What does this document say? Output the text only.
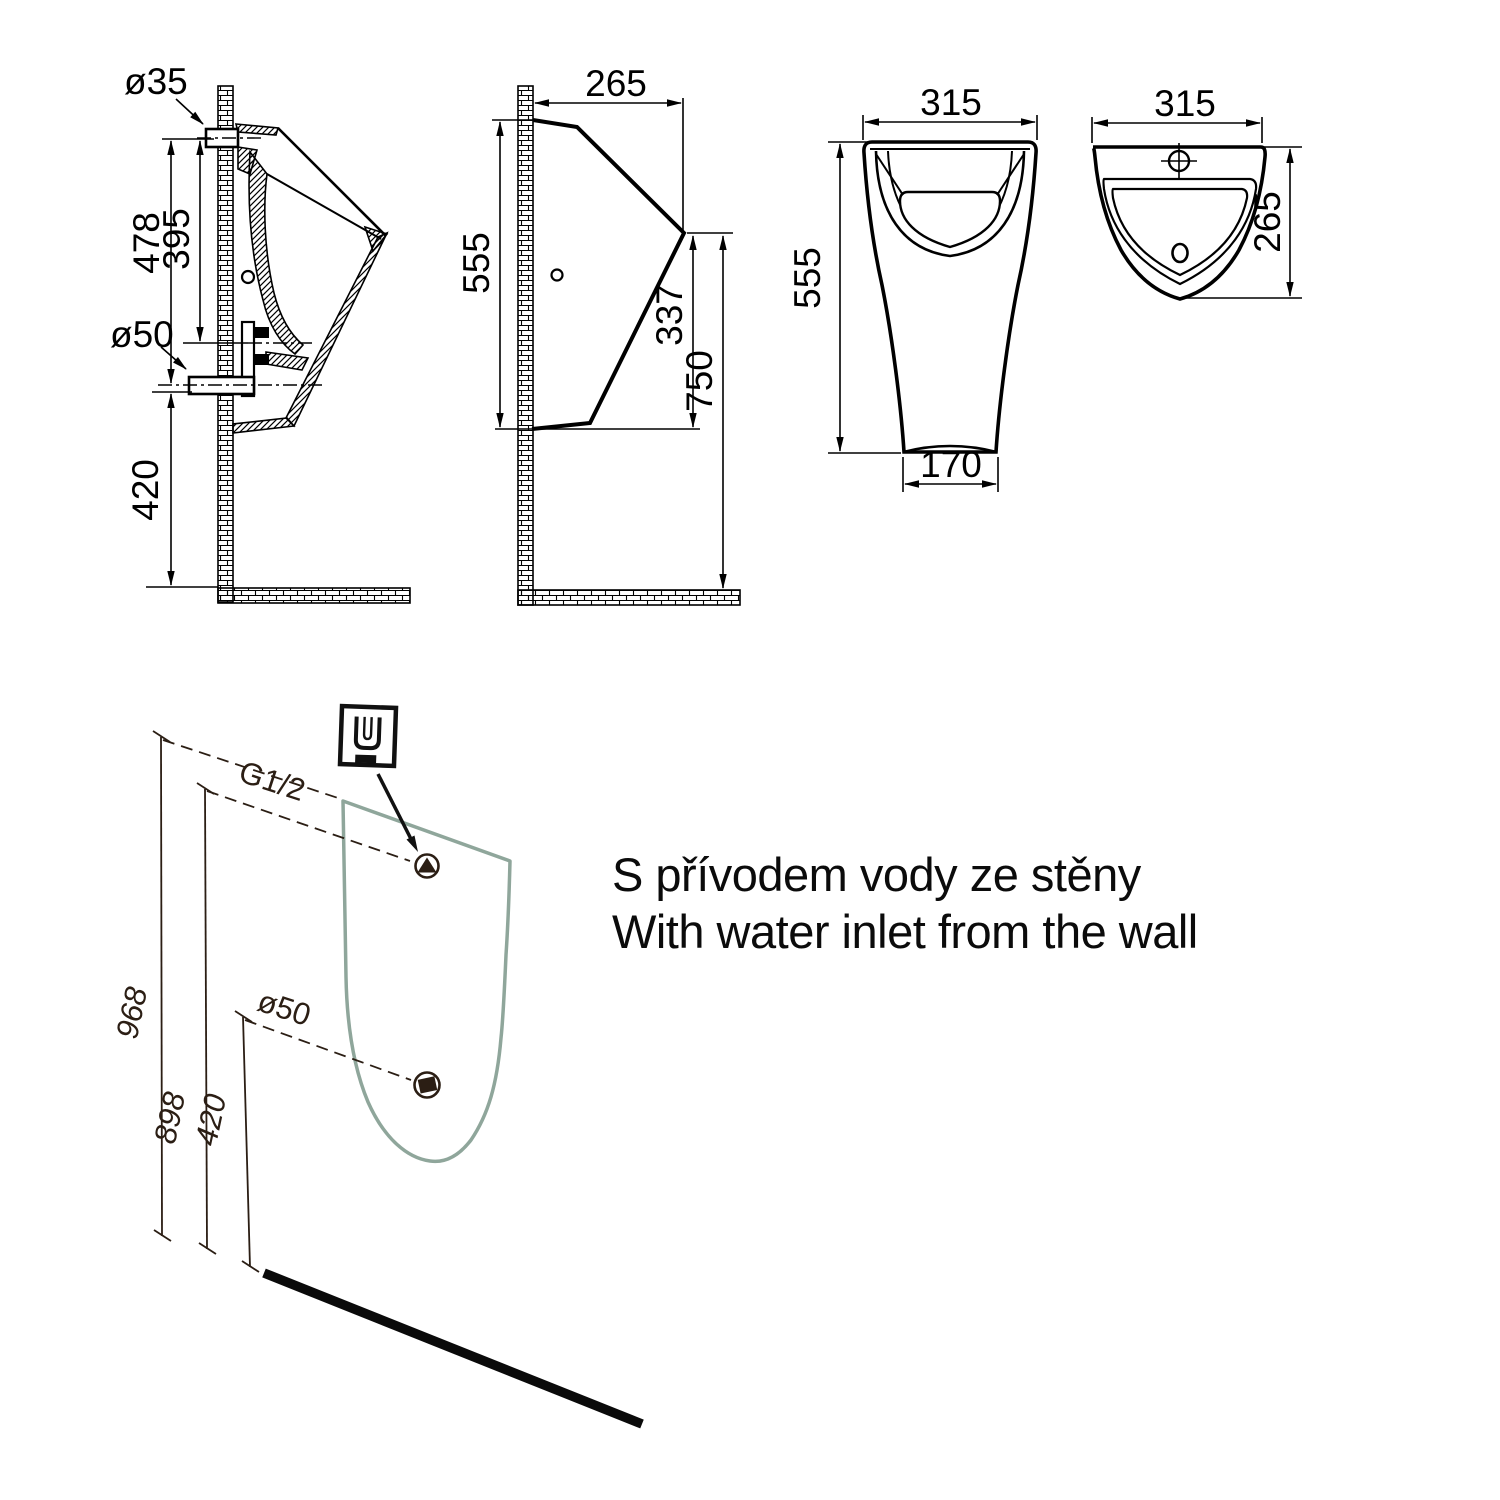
ø35
ø50
478
395
420
265
555
337
750
315
555
170
315
265
968
898
420
G1/2
ø50
S přívodem vody ze stěny
With water inlet from the wall
